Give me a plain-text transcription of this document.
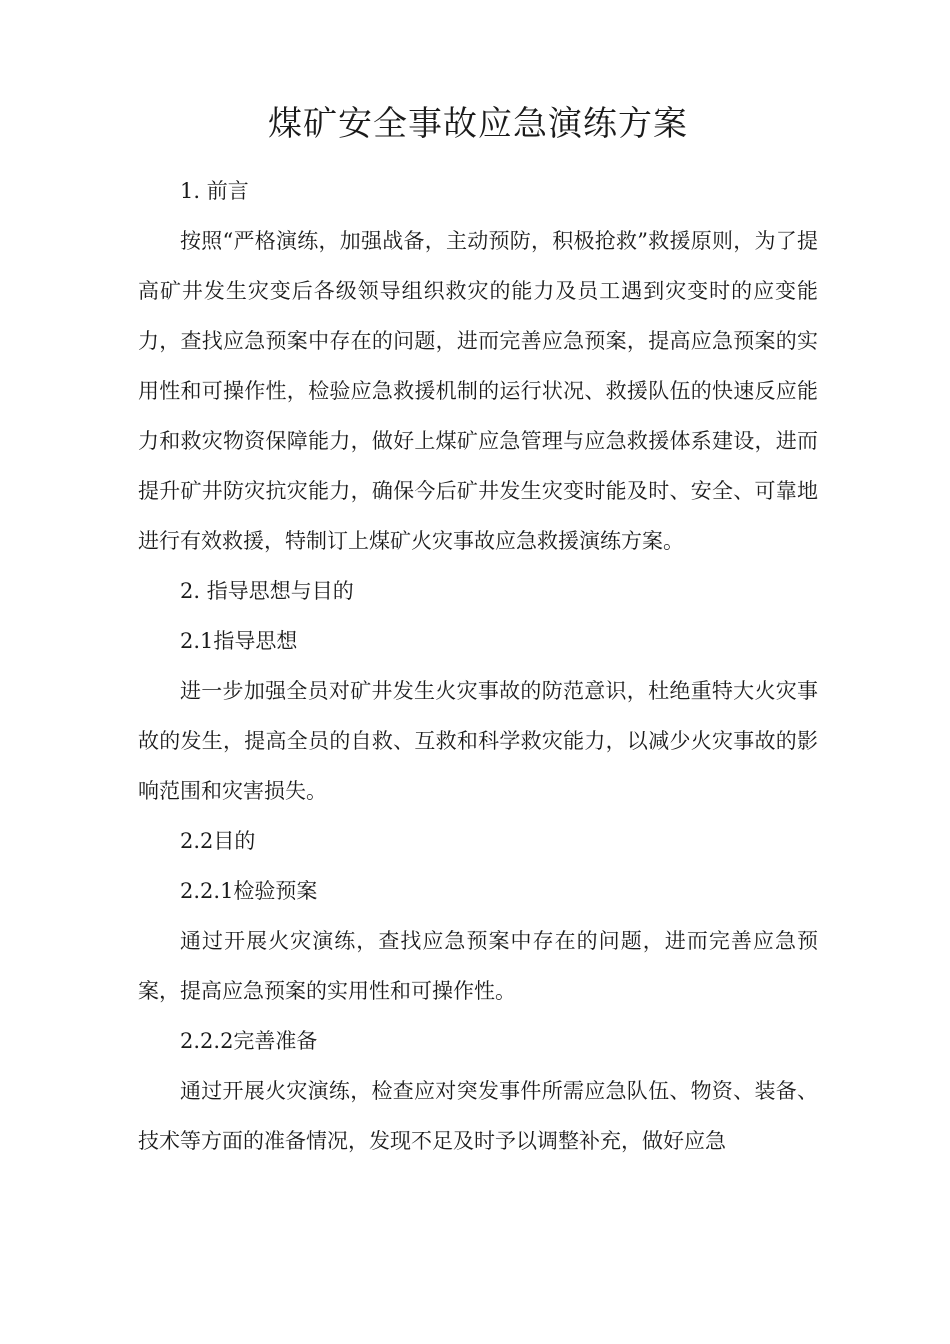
煤矿安全事故应急演练方案

1. 前言

按照“严格演练，加强战备，主动预防，积极抢救”救援原则，为了提高矿井发生灾变后各级领导组织救灾的能力及员工遇到灾变时的应变能力，查找应急预案中存在的问题，进而完善应急预案，提高应急预案的实用性和可操作性，检验应急救援机制的运行状况、救援队伍的快速反应能力和救灾物资保障能力，做好上煤矿应急管理与应急救援体系建设，进而提升矿井防灾抗灾能力，确保今后矿井发生灾变时能及时、安全、可靠地进行有效救援，特制订上煤矿火灾事故应急救援演练方案。

2. 指导思想与目的

2.1指导思想

进一步加强全员对矿井发生火灾事故的防范意识，杜绝重特大火灾事故的发生，提高全员的自救、互救和科学救灾能力，以减少火灾事故的影响范围和灾害损失。

2.2目的

2.2.1检验预案

通过开展火灾演练，查找应急预案中存在的问题，进而完善应急预案，提高应急预案的实用性和可操作性。

2.2.2完善准备

通过开展火灾演练，检查应对突发事件所需应急队伍、物资、装备、技术等方面的准备情况，发现不足及时予以调整补充，做好应急
